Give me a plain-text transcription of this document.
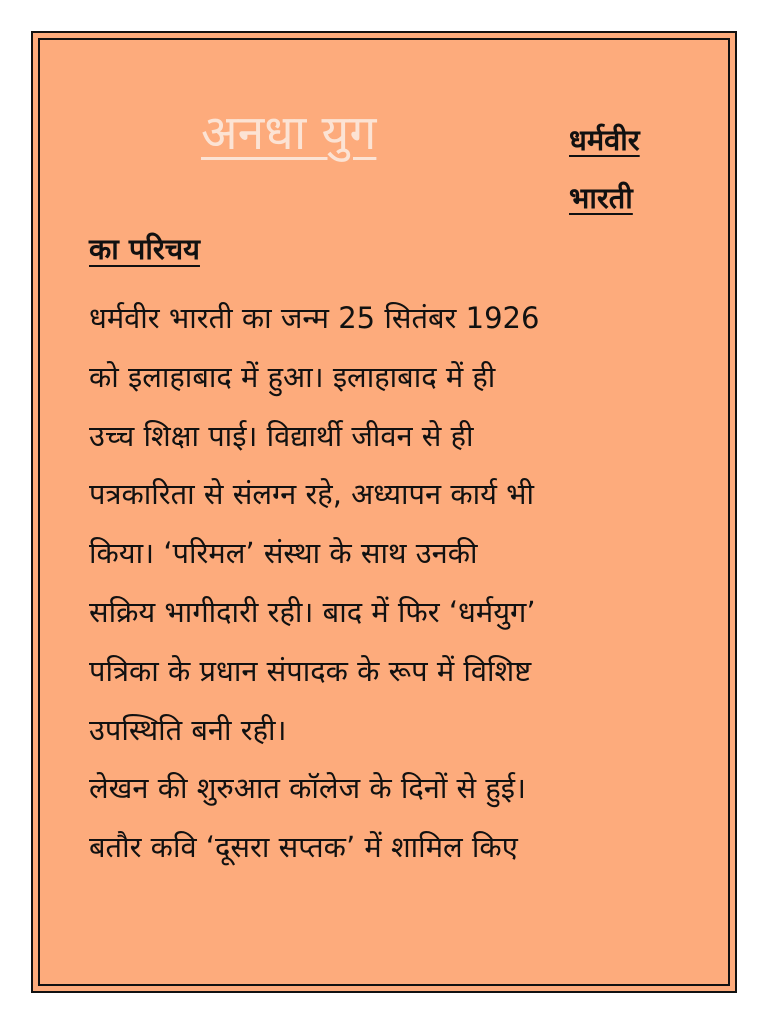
अनधा युग	धर्मवीर
भारती
का परिचय
धर्मवीर भारती का जन्म 25 सितंबर 1926
को इलाहाबाद में हुआ। इलाहाबाद में ही
उच्च शिक्षा पाई। विद्यार्थी जीवन से ही
पत्रकारिता से संलग्न रहे, अध्यापन कार्य भी
किया। ‘परिमल’ संस्था के साथ उनकी
सक्रिय भागीदारी रही। बाद में फिर ‘धर्मयुग’
पत्रिका के प्रधान संपादक के रूप में विशिष्ट
उपस्थिति बनी रही।
लेखन की शुरुआत कॉलेज के दिनों से हुई।
बतौर कवि ‘दूसरा सप्तक’ में शामिल किए
